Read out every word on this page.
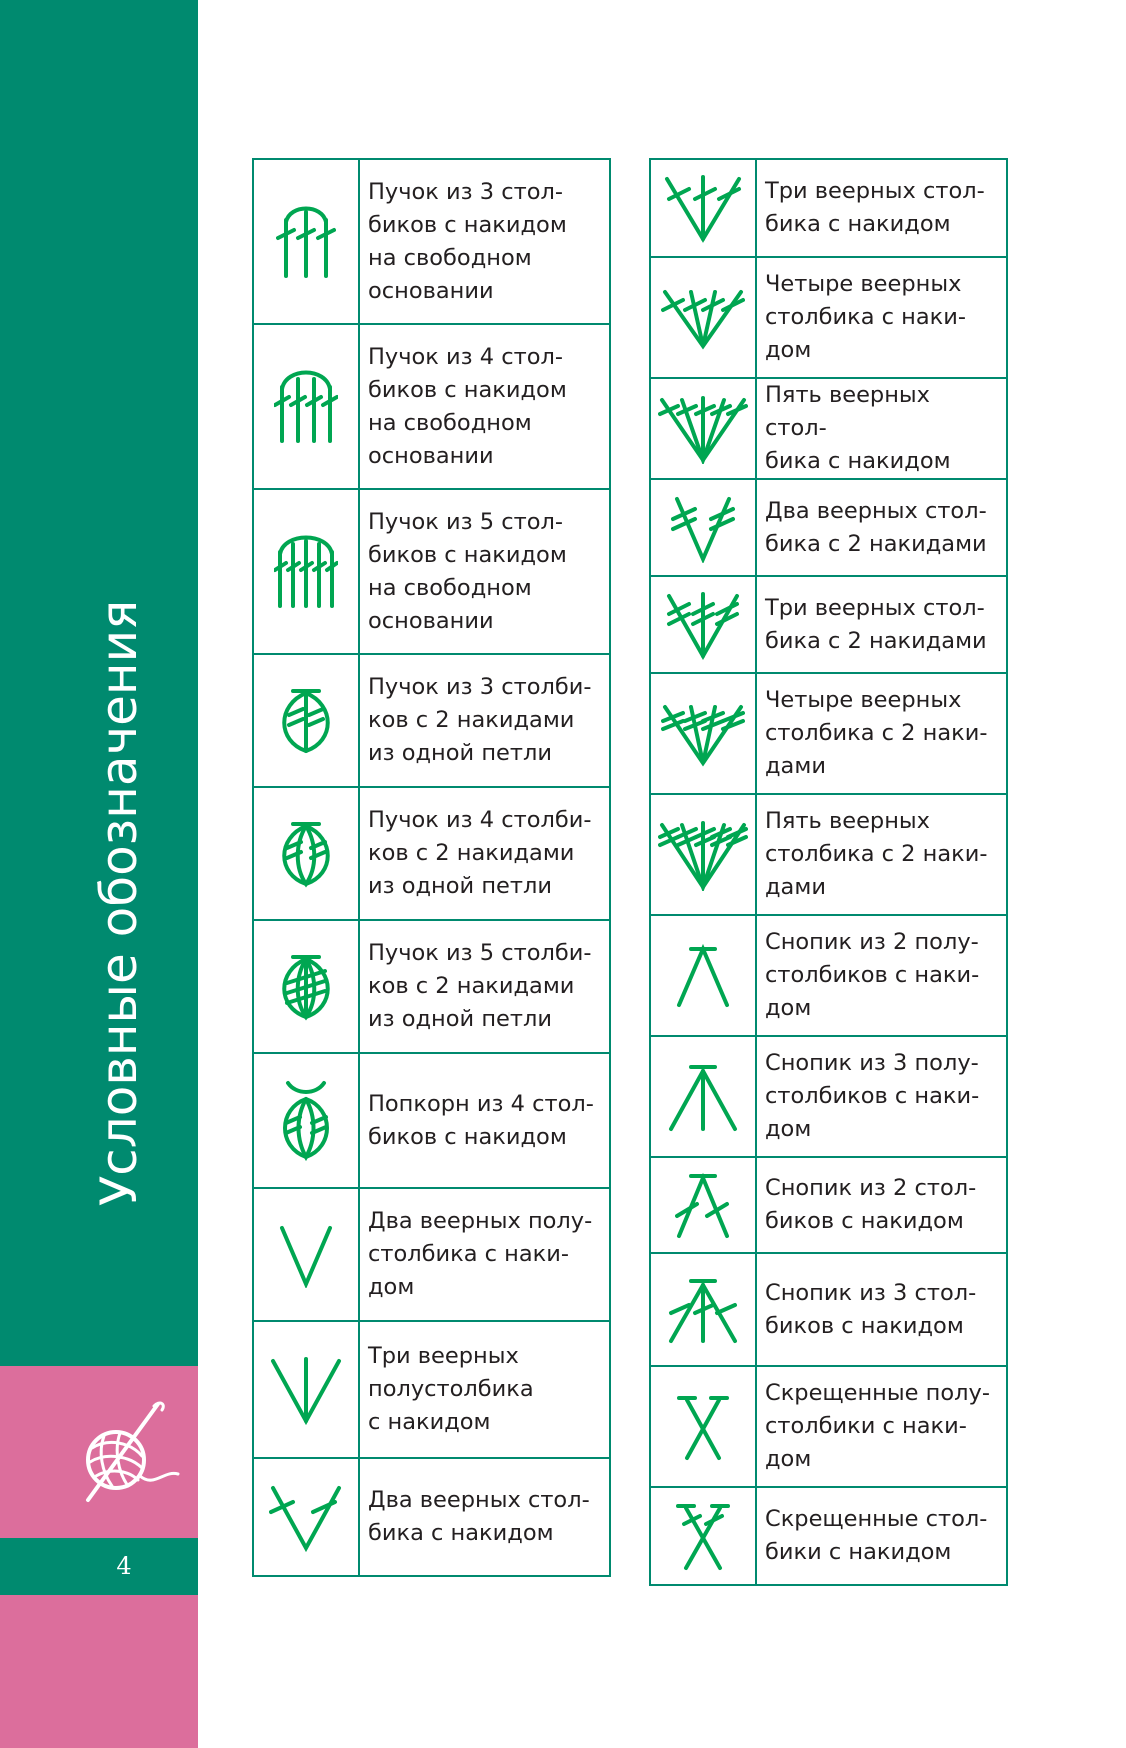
Условные обозначения
4
	Пучок из 3 стол-
биков с накидом
на свободном
основании

	Пучок из 4 стол-
биков с накидом
на свободном
основании

	Пучок из 5 стол-
биков с накидом
на свободном
основании

	Пучок из 3 столби-
ков с 2 накидами
из одной петли

	Пучок из 4 столби-
ков с 2 накидами
из одной петли

	Пучок из 5 столби-
ков с 2 накидами
из одной петли

	Попкорн из 4 стол-
биков с накидом

	Два веерных полу-
столбика с наки-
дом

	Три веерных
полустолбика
с накидом

	Два веерных стол-
бика с накидом
	Три веерных стол-
бика с накидом

	Четыре веерных
столбика с наки-
дом

	Пять веерных стол-
бика с накидом

	Два веерных стол-
бика с 2 накидами

	Три веерных стол-
бика с 2 накидами

	Четыре веерных
столбика с 2 наки-
дами

	Пять веерных
столбика с 2 наки-
дами

	Снопик из 2 полу-
столбиков с наки-
дом

	Снопик из 3 полу-
столбиков с наки-
дом

	Снопик из 2 стол-
биков с накидом

	Снопик из 3 стол-
биков с накидом

	Скрещенные полу-
столбики с наки-
дом

	Скрещенные стол-
бики с накидом
